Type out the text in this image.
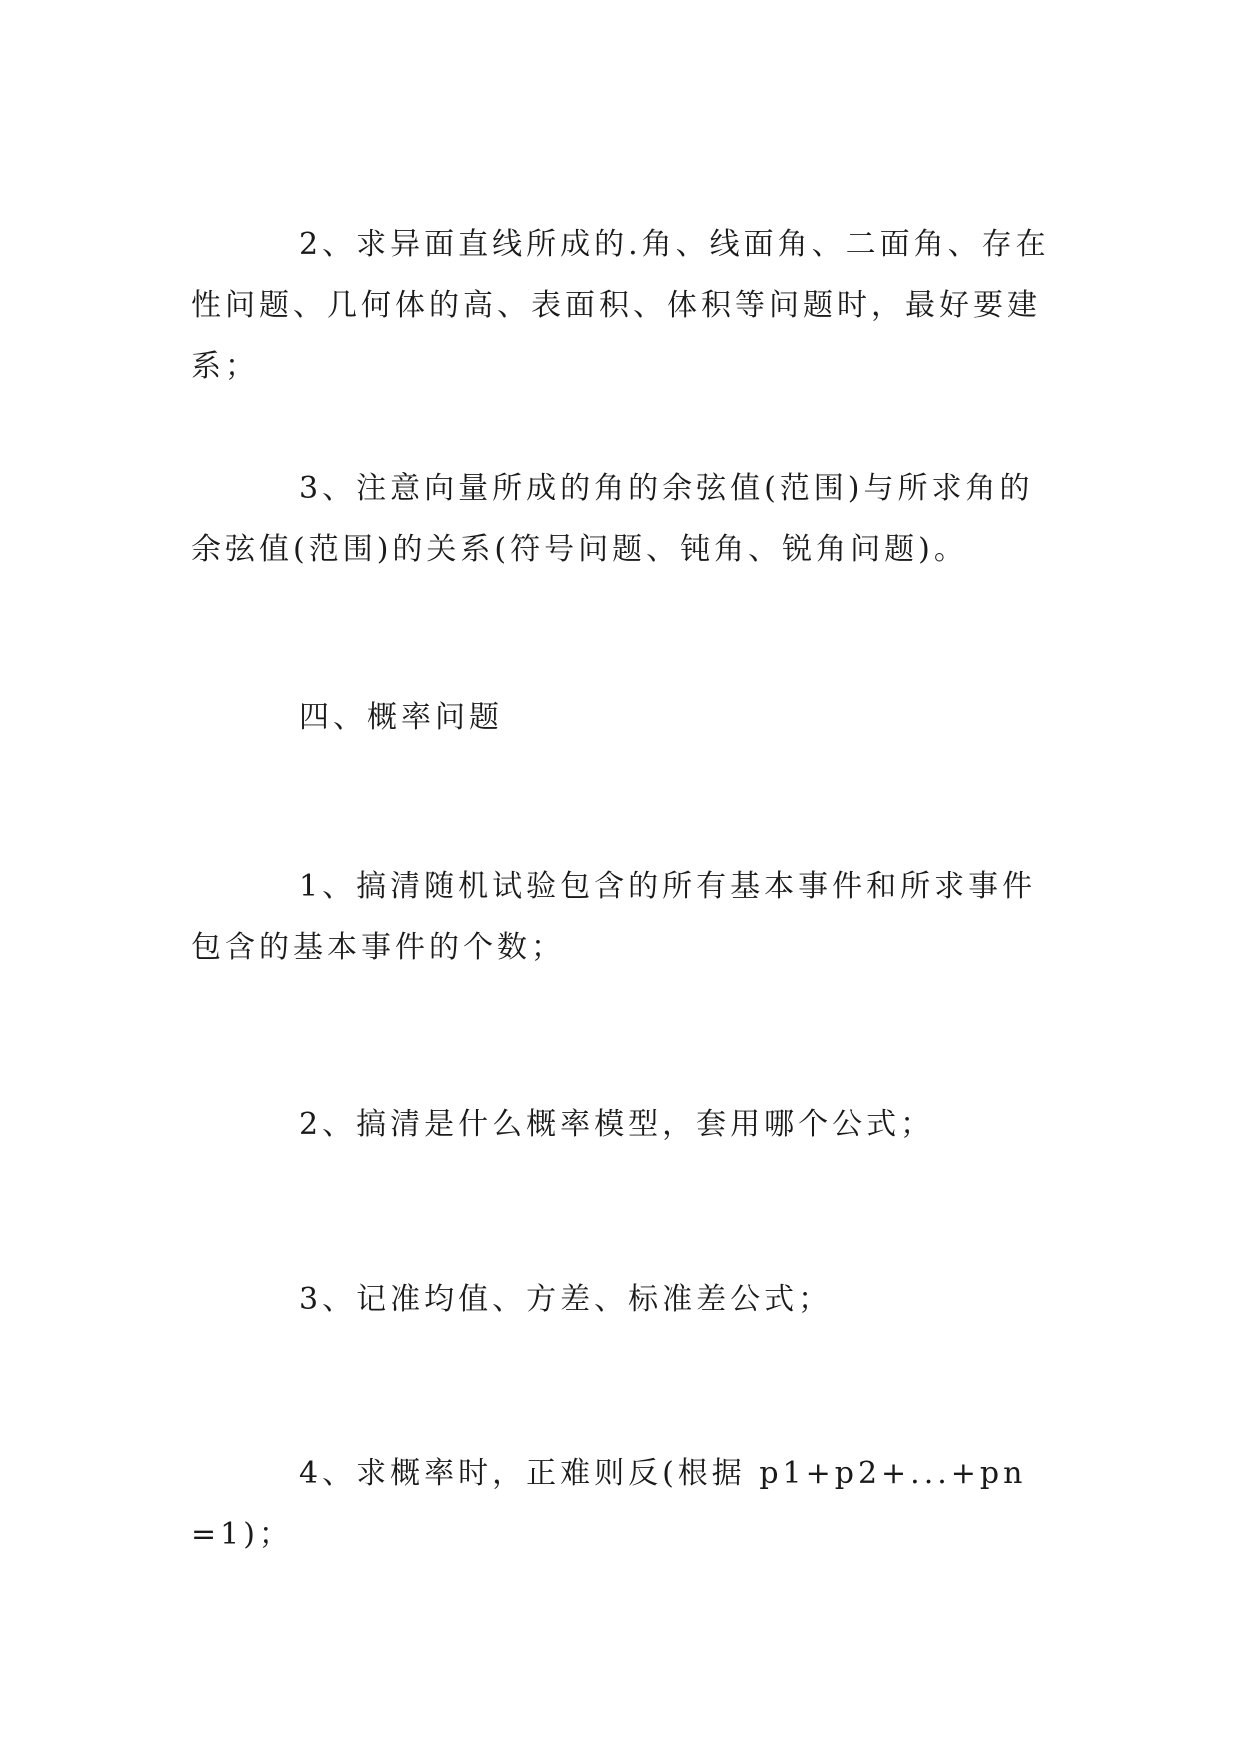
2、求异面直线所成的.角、线面角、二面角、存在性问题、几何体的高、表面积、体积等问题时，最好要建系；

3、注意向量所成的角的余弦值(范围)与所求角的余弦值(范围)的关系(符号问题、钝角、锐角问题)。

四、概率问题

1、搞清随机试验包含的所有基本事件和所求事件包含的基本事件的个数；

2、搞清是什么概率模型，套用哪个公式；

3、记准均值、方差、标准差公式；

4、求概率时，正难则反(根据 p1+p2+...+pn=1)；
